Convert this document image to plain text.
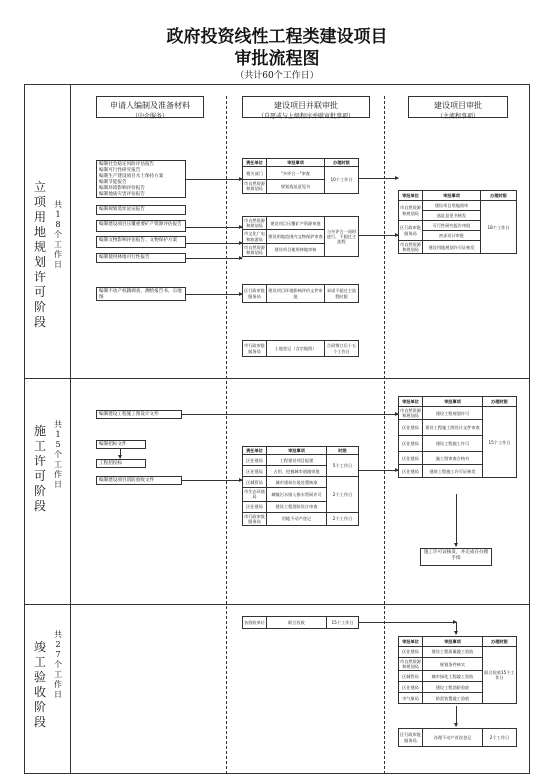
政府投资线性工程类建设项目
审批流程图
（共计60个工作日）
申请人编制及准备材料
（中介服务）
建设项目并联审批
（自愿或与上级程序并联审批事项）
建设项目审批
（主流程事项）
立项用地规划许可阶段
共18个工作日
施工许可阶段
共15个工作日
竣工验收阶段
共27个工作日
编制社会稳定风险评估报告
编制可行性研究报告
编制生产建设项目水土保持方案
编制节能报告
编制环境影响评价报告
编制地质灾害评估报告
编制规划选址论证报告
编制建设项目压覆重要矿产资源评估报告
编制文物影响评估报告、文物保护方案
编制使用林地可行性报告
编制不动产权籍调查、测绘报告书、宗地图
责任单位	审批事项	办理时限
相关部门	"多评合一"审查	10个工作日
市自然资源和规划局	规划选址意见书	
市自然资源和规划局	建设项目压覆矿产资源审批	与多评合一同时进行，不超过主流程
市文化广电和旅游局	建设用地范围内文物保护审查	
市自然资源和规划局	建设项目使用林地审核	
区行政审批服务局	建设项目环境影响评价文件审批	承诺不超过主流程时限
市行政审批服务局	土地登记（含宗地图）	合同签订后十五个工作日
审批单位	审批事项	办理时限
市自然资源和规划局	建设项目用地预审	18个工作日
	选址意见书核发	
区行政审批服务局	可行性研究报告审批	
	初步设计审批	
市自然资源和规划局	建设用地规划许可证核发	
编制建设工程施工图设计文件
编制招标文件
工程招投标
编制建设项目消防验收文件
责任单位	审批事项	时限
区住建局	工程建设项目报建	5个工作日
区住建局	占用、挖掘城市道路审批	
区城管局	城市建筑垃圾处置核准	2个工作日
市生态环境局	城镇污水排入排水管网许可	
区住建局	建设工程消防设计审查	
市行政审批服务局	用地不动产登记	2个工作日
审批单位	审批事项	办理时限
市自然资源和规划局	建设工程规划许可	15个工作日
区住建局	建设工程施工图设计文件审查	
区住建局	建设工程施工许可	
区住建局	施工图审查合格书	
区住建局	建筑工程施工许可证核发	
施工许可证核发，并完成在办理手续
各验收单位	联合验收	15个工作日
审批单位	审批事项	办理时限
区住建局	建设工程质量竣工验收	联合验收15个工作日
市自然资源和规划局	规划条件核实	
区城管局	城市绿化工程竣工验收	
区住建局	建设工程消防验收	
市气象局	防雷装置竣工验收	
区行政审批服务局	办理不动产首次登记	2个工作日
